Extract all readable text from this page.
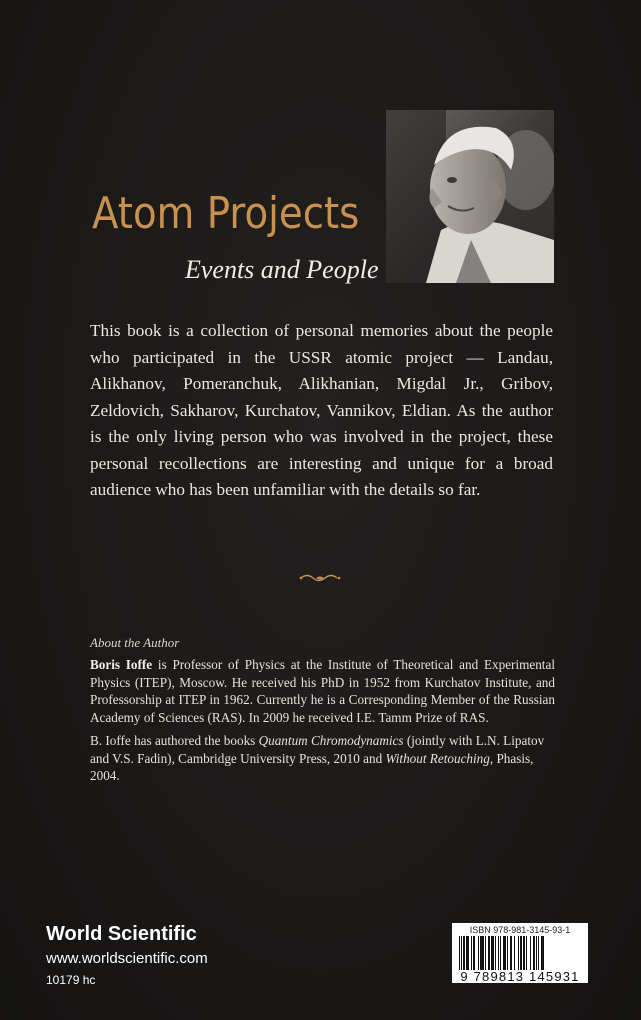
Atom Projects
Events and People

This book is a collection of personal memories about the people who participated in the USSR atomic project — Landau, Alikhanov, Pomeranchuk, Alikhanian, Migdal Jr., Gribov, Zeldovich, Sakharov, Kurchatov, Vannikov, Eldian. As the author is the only living person who was involved in the project, these personal recollections are interesting and unique for a broad audience who has been unfamiliar with the details so far.

About the Author

Boris Ioffe is Professor of Physics at the Institute of Theoretical and Experimental Physics (ITEP), Moscow. He received his PhD in 1952 from Kurchatov Institute, and Professorship at ITEP in 1962. Currently he is a Corresponding Member of the Russian Academy of Sciences (RAS). In 2009 he received I.E. Tamm Prize of RAS.

B. Ioffe has authored the books Quantum Chromodynamics (jointly with L.N. Lipatov and V.S. Fadin), Cambridge University Press, 2010 and Without Retouching, Phasis, 2004.

World Scientific
www.worldscientific.com
10179 hc
ISBN 978-981-3145-93-1
9 789813 145931
